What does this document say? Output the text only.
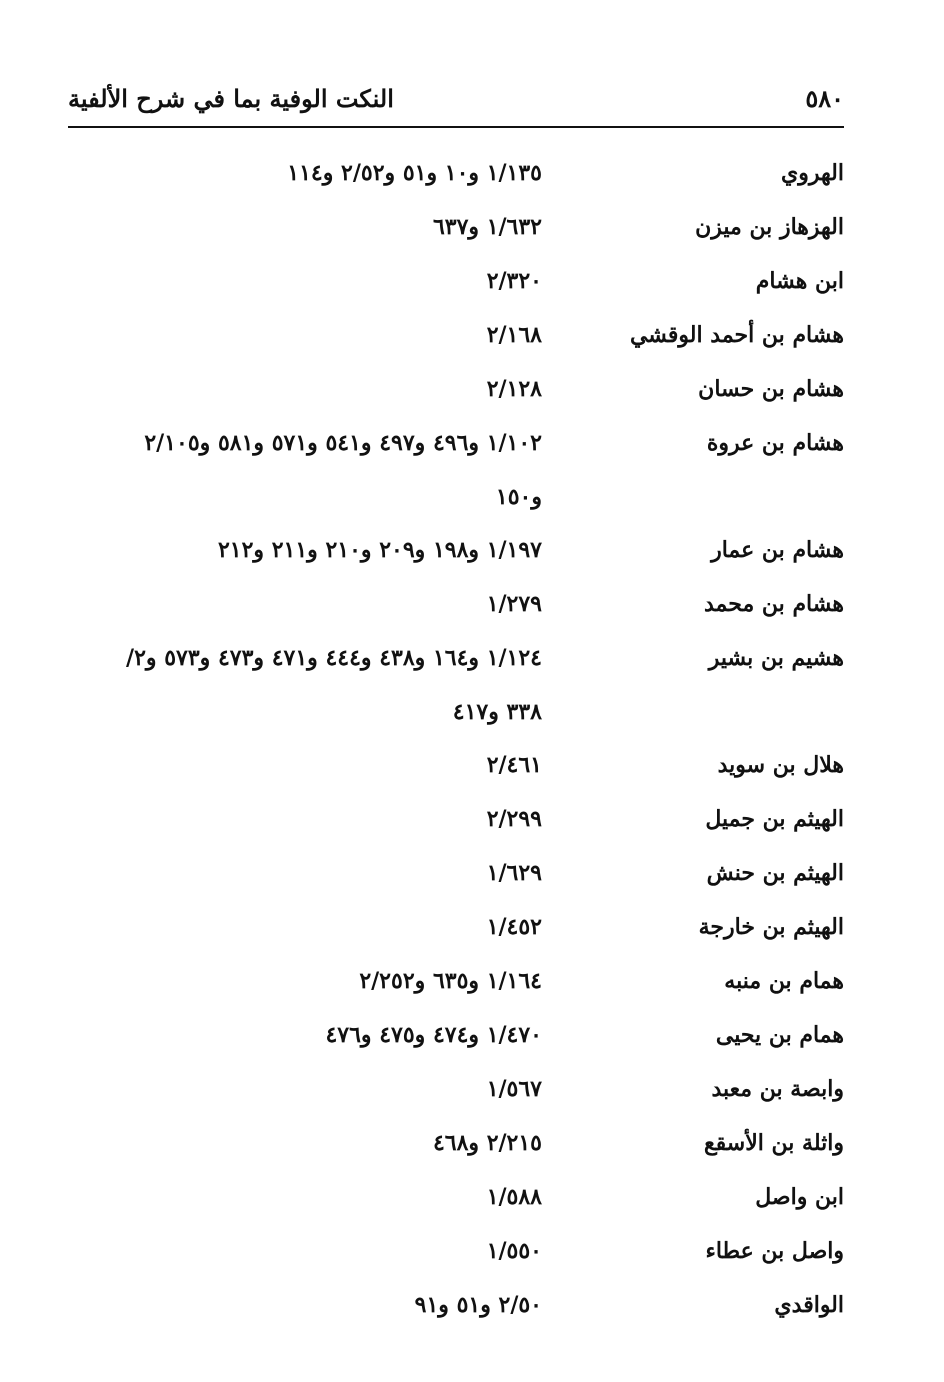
٥٨٠
النكت الوفية بما في شرح الألفية
الهروي
١/١٣٥ و١٠ و٥١ و٢/٥٢ و١١٤
الهزهاز بن ميزن
١/٦٣٢ و٦٣٧
ابن هشام
٢/٣٢٠
هشام بن أحمد الوقشي
٢/١٦٨
هشام بن حسان
٢/١٢٨
هشام بن عروة
١/١٠٢ و٤٩٦ و٤٩٧ و٥٤١ و٥٧١ و٥٨١ و٢/١٠٥
و١٥٠
هشام بن عمار
١/١٩٧ و١٩٨ و٢٠٩ و٢١٠ و٢١١ و٢١٢
هشام بن محمد
١/٢٧٩
هشيم بن بشير
١/١٢٤ و١٦٤ و٤٣٨ و٤٤٤ و٤٧١ و٤٧٣ و٥٧٣ و٢/
٣٣٨ و٤١٧
هلال بن سويد
٢/٤٦١
الهيثم بن جميل
٢/٢٩٩
الهيثم بن حنش
١/٦٢٩
الهيثم بن خارجة
١/٤٥٢
همام بن منبه
١/١٦٤ و٦٣٥ و٢/٢٥٢
همام بن يحيى
١/٤٧٠ و٤٧٤ و٤٧٥ و٤٧٦
وابصة بن معبد
١/٥٦٧
واثلة بن الأسقع
٢/٢١٥ و٤٦٨
ابن واصل
١/٥٨٨
واصل بن عطاء
١/٥٥٠
الواقدي
٢/٥٠ و٥١ و٩١
